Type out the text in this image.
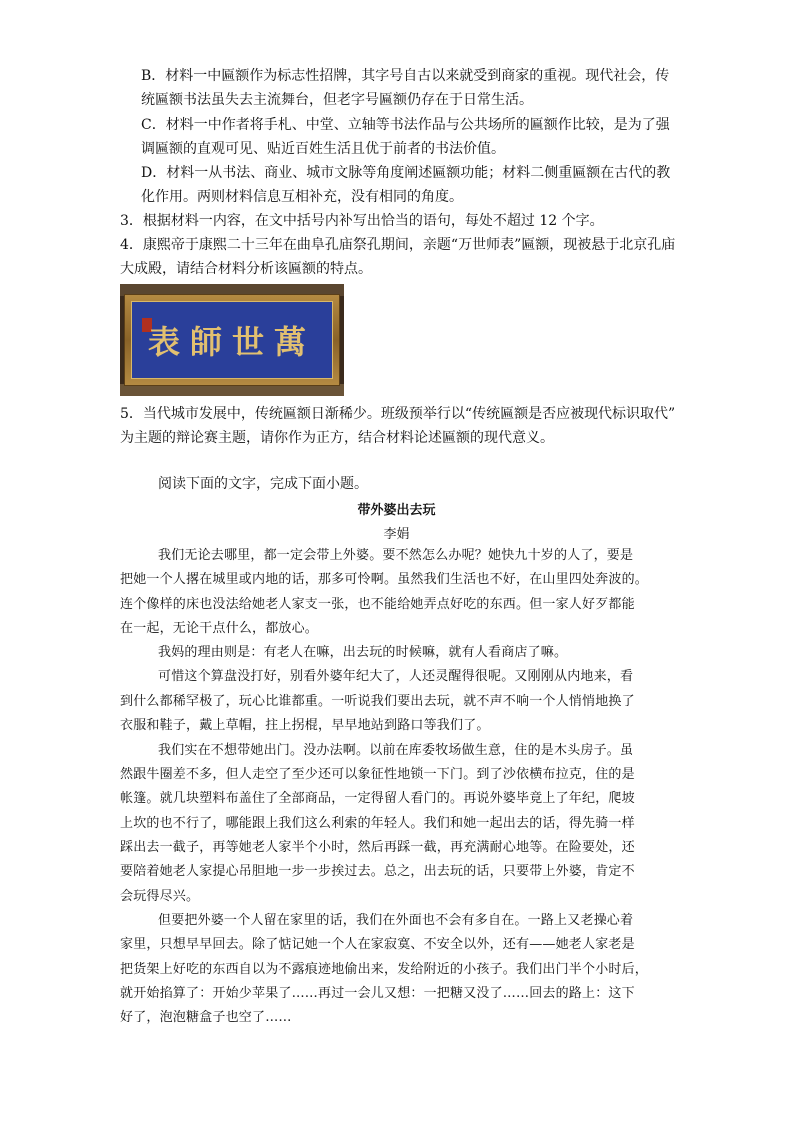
B．材料一中匾额作为标志性招牌，其字号自古以来就受到商家的重视。现代社会，传
统匾额书法虽失去主流舞台，但老字号匾额仍存在于日常生活。
C．材料一中作者将手札、中堂、立轴等书法作品与公共场所的匾额作比较，是为了强
调匾额的直观可见、贴近百姓生活且优于前者的书法价值。
D．材料一从书法、商业、城市文脉等角度阐述匾额功能；材料二侧重匾额在古代的教
化作用。两则材料信息互相补充，没有相同的角度。
3．根据材料一内容，在文中括号内补写出恰当的语句，每处不超过 12 个字。
4．康熙帝于康熙二十三年在曲阜孔庙祭孔期间，亲题“万世师表”匾额，现被悬于北京孔庙
大成殿，请结合材料分析该匾额的特点。
表師世萬
5．当代城市发展中，传统匾额日渐稀少。班级预举行以“传统匾额是否应被现代标识取代”
为主题的辩论赛主题，请你作为正方，结合材料论述匾额的现代意义。
阅读下面的文字，完成下面小题。
带外婆出去玩
李娟
我们无论去哪里，都一定会带上外婆。要不然怎么办呢？她快九十岁的人了，要是
把她一个人撂在城里或内地的话，那多可怜啊。虽然我们生活也不好，在山里四处奔波的。
连个像样的床也没法给她老人家支一张，也不能给她弄点好吃的东西。但一家人好歹都能
在一起，无论干点什么，都放心。
我妈的理由则是：有老人在嘛，出去玩的时候嘛，就有人看商店了嘛。
可惜这个算盘没打好，别看外婆年纪大了，人还灵醒得很呢。又刚刚从内地来，看
到什么都稀罕极了，玩心比谁都重。一听说我们要出去玩，就不声不响一个人悄悄地换了
衣服和鞋子，戴上草帽，拄上拐棍，早早地站到路口等我们了。
我们实在不想带她出门。没办法啊。以前在库委牧场做生意，住的是木头房子。虽
然跟牛圈差不多，但人走空了至少还可以象征性地锁一下门。到了沙依横布拉克，住的是
帐篷。就几块塑料布盖住了全部商品，一定得留人看门的。再说外婆毕竟上了年纪，爬坡
上坎的也不行了，哪能跟上我们这么利索的年轻人。我们和她一起出去的话，得先骑一样
踩出去一截子，再等她老人家半个小时，然后再踩一截，再充满耐心地等。在险要处，还
要陪着她老人家提心吊胆地一步一步挨过去。总之，出去玩的话，只要带上外婆，肯定不
会玩得尽兴。
但要把外婆一个人留在家里的话，我们在外面也不会有多自在。一路上又老操心着
家里，只想早早回去。除了惦记她一个人在家寂寞、不安全以外，还有——她老人家老是
把货架上好吃的东西自以为不露痕迹地偷出来，发给附近的小孩子。我们出门半个小时后，
就开始掐算了：开始少苹果了……再过一会儿又想：一把糖又没了……回去的路上：这下
好了，泡泡糖盒子也空了……
